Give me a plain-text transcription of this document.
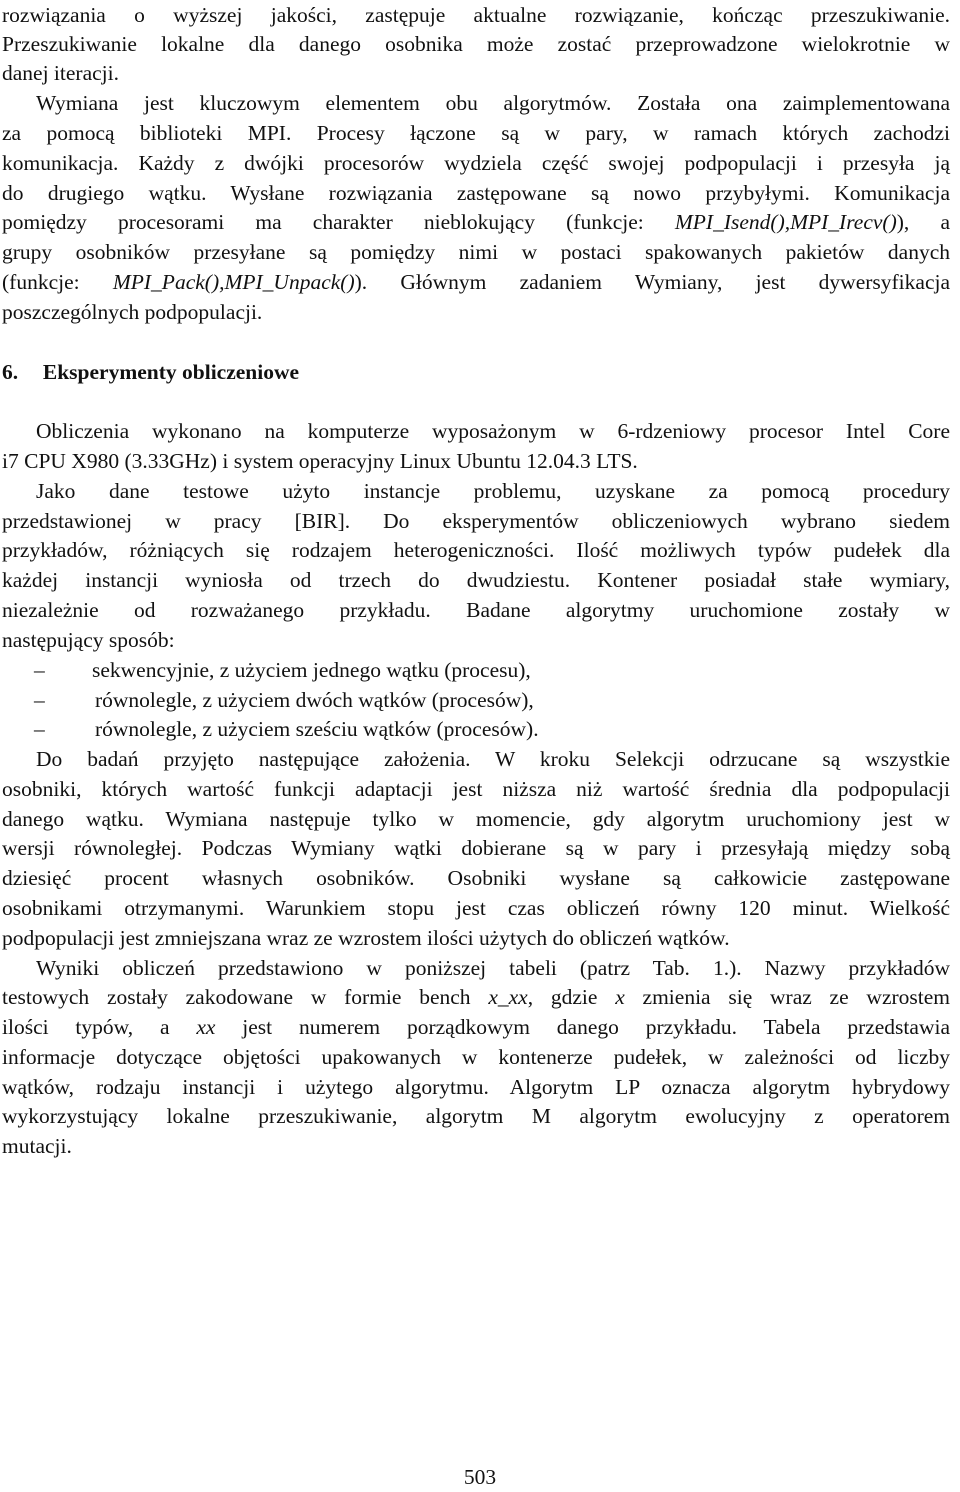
rozwiązania o wyższej jakości, zastępuje aktualne rozwiązanie, kończąc przeszukiwanie.
Przeszukiwanie lokalne dla danego osobnika może zostać przeprowadzone wielokrotnie w
danej iteracji.
Wymiana jest kluczowym elementem obu algorytmów. Została ona zaimplementowana
za pomocą biblioteki MPI. Procesy łączone są w pary, w ramach których zachodzi
komunikacja. Każdy z dwójki procesorów wydziela część swojej podpopulacji i przesyła ją
do drugiego wątku. Wysłane rozwiązania zastępowane są nowo przybyłymi. Komunikacja
pomiędzy procesorami ma charakter nieblokujący (funkcje: MPI_Isend(),MPI_Irecv()), a
grupy osobników przesyłane są pomiędzy nimi w postaci spakowanych pakietów danych
(funkcje: MPI_Pack(),MPI_Unpack()). Głównym zadaniem Wymiany, jest dywersyfikacja
poszczególnych podpopulacji.
6. Eksperymenty obliczeniowe
Obliczenia wykonano na komputerze wyposażonym w 6-rdzeniowy procesor Intel Core
i7 CPU X980 (3.33GHz) i system operacyjny Linux Ubuntu 12.04.3 LTS.
Jako dane testowe użyto instancje problemu, uzyskane za pomocą procedury
przedstawionej w pracy [BIR]. Do eksperymentów obliczeniowych wybrano siedem
przykładów, różniących się rodzajem heterogeniczności. Ilość możliwych typów pudełek dla
każdej instancji wyniosła od trzech do dwudziestu. Kontener posiadał stałe wymiary,
niezależnie od rozważanego przykładu. Badane algorytmy uruchomione zostały w
następujący sposób:
– sekwencyjnie, z użyciem jednego wątku (procesu),
– równolegle, z użyciem dwóch wątków (procesów),
– równolegle, z użyciem sześciu wątków (procesów).
Do badań przyjęto następujące założenia. W kroku Selekcji odrzucane są wszystkie
osobniki, których wartość funkcji adaptacji jest niższa niż wartość średnia dla podpopulacji
danego wątku. Wymiana następuje tylko w momencie, gdy algorytm uruchomiony jest w
wersji równoległej. Podczas Wymiany wątki dobierane są w pary i przesyłają między sobą
dziesięć procent własnych osobników. Osobniki wysłane są całkowicie zastępowane
osobnikami otrzymanymi. Warunkiem stopu jest czas obliczeń równy 120 minut. Wielkość
podpopulacji jest zmniejszana wraz ze wzrostem ilości użytych do obliczeń wątków.
Wyniki obliczeń przedstawiono w poniższej tabeli (patrz Tab. 1.). Nazwy przykładów
testowych zostały zakodowane w formie bench x_xx, gdzie x zmienia się wraz ze wzrostem
ilości typów, a xx jest numerem porządkowym danego przykładu. Tabela przedstawia
informacje dotyczące objętości upakowanych w kontenerze pudełek, w zależności od liczby
wątków, rodzaju instancji i użytego algorytmu. Algorytm LP oznacza algorytm hybrydowy
wykorzystujący lokalne przeszukiwanie, algorytm M algorytm ewolucyjny z operatorem
mutacji.
503
